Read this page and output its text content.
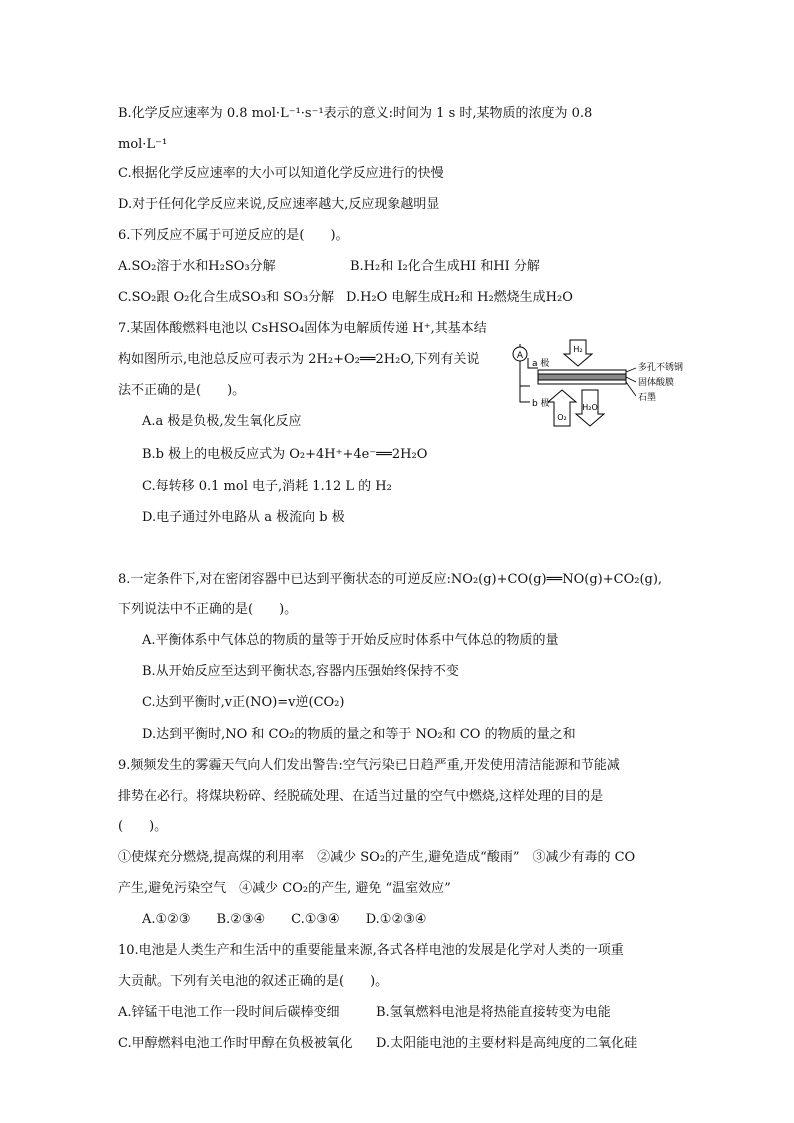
B.化学反应速率为 0.8 mol·L⁻¹·s⁻¹表示的意义:时间为 1 s 时,某物质的浓度为 0.8
mol·L⁻¹
C.根据化学反应速率的大小可以知道化学反应进行的快慢
D.对于任何化学反应来说,反应速率越大,反应现象越明显
6.下列反应不属于可逆反应的是(　　)。
A.SO₂溶于水和H₂SO₃分解	B.H₂和 I₂化合生成HI 和HI 分解
C.SO₂跟 O₂化合生成SO₃和 SO₃分解 D.H₂O 电解生成H₂和 H₂燃烧生成H₂O
7.某固体酸燃料电池以 CsHSO₄固体为电解质传递 H⁺,其基本结
构如图所示,电池总反应可表示为 2H₂+O₂══2H₂O,下列有关说
法不正确的是(　　)。
A.a 极是负极,发生氧化反应
B.b 极上的电极反应式为 O₂+4H⁺+4e⁻══2H₂O
C.每转移 0.1 mol 电子,消耗 1.12 L 的 H₂
D.电子通过外电路从 a 极流向 b 极
A
a 极
b 极
H₂
O₂
H₂O
多孔不锈钢
固体酸膜
石墨
8.一定条件下,对在密闭容器中已达到平衡状态的可逆反应:NO₂(g)+CO(g)══NO(g)+CO₂(g),
下列说法中不正确的是(　　)。
A.平衡体系中气体总的物质的量等于开始反应时体系中气体总的物质的量
B.从开始反应至达到平衡状态,容器内压强始终保持不变
C.达到平衡时,v正(NO)=v逆(CO₂)
D.达到平衡时,NO 和 CO₂的物质的量之和等于 NO₂和 CO 的物质的量之和
9.频频发生的雾霾天气向人们发出警告:空气污染已日趋严重,开发使用清洁能源和节能减
排势在必行。将煤块粉碎、经脱硫处理、在适当过量的空气中燃烧,这样处理的目的是
(　　)。
①使煤充分燃烧,提高煤的利用率　②减少 SO₂的产生,避免造成“酸雨”　③减少有毒的 CO
产生,避免污染空气　④减少 CO₂的产生, 避免 “温室效应”
A.①②③　　B.②③④　　C.①③④　　D.①②③④
10.电池是人类生产和生活中的重要能量来源,各式各样电池的发展是化学对人类的一项重
大贡献。下列有关电池的叙述正确的是(　　)。
A.锌锰干电池工作一段时间后碳棒变细	B.氢氧燃料电池是将热能直接转变为电能
C.甲醇燃料电池工作时甲醇在负极被氧化 D.太阳能电池的主要材料是高纯度的二氧化硅
